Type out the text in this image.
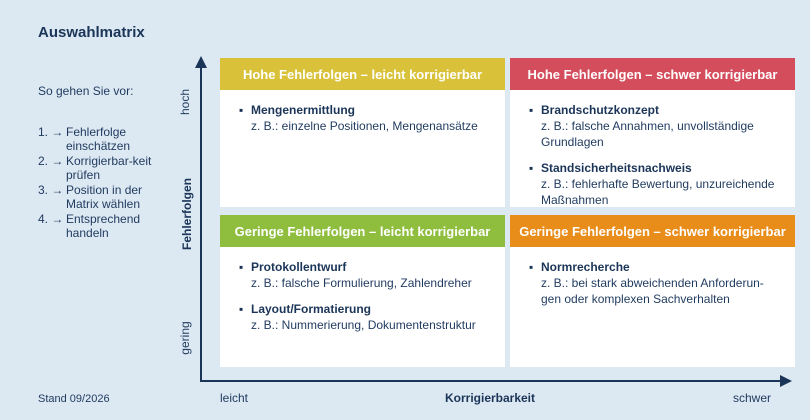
Auswahlmatrix
So gehen Sie vor:
1. → Fehlerfolge einschätzen
2. → Korrigierbar-keit prüfen
3. → Position in der Matrix wählen
4. → Entsprechend handeln
Stand 09/2026
hoch
Fehlerfolgen
gering
leicht	Korrigierbarkeit	schwer
Hohe Fehlerfolgen – leicht korrigierbar
▪ Mengenermittlung
z. B.: einzelne Positionen, Mengenansätze
Hohe Fehlerfolgen – schwer korrigierbar
▪ Brandschutzkonzept
z. B.: falsche Annahmen, unvollständige Grundlagen
▪ Standsicherheitsnachweis
z. B.: fehlerhafte Bewertung, unzureichende Maßnahmen
Geringe Fehlerfolgen – leicht korrigierbar
▪ Protokollentwurf
z. B.: falsche Formulierung, Zahlendreher
▪ Layout/Formatierung
z. B.: Nummerierung, Dokumentenstruktur
Geringe Fehlerfolgen – schwer korrigierbar
▪ Normrecherche
z. B.: bei stark abweichenden Anforderun-gen oder komplexen Sachverhalten
